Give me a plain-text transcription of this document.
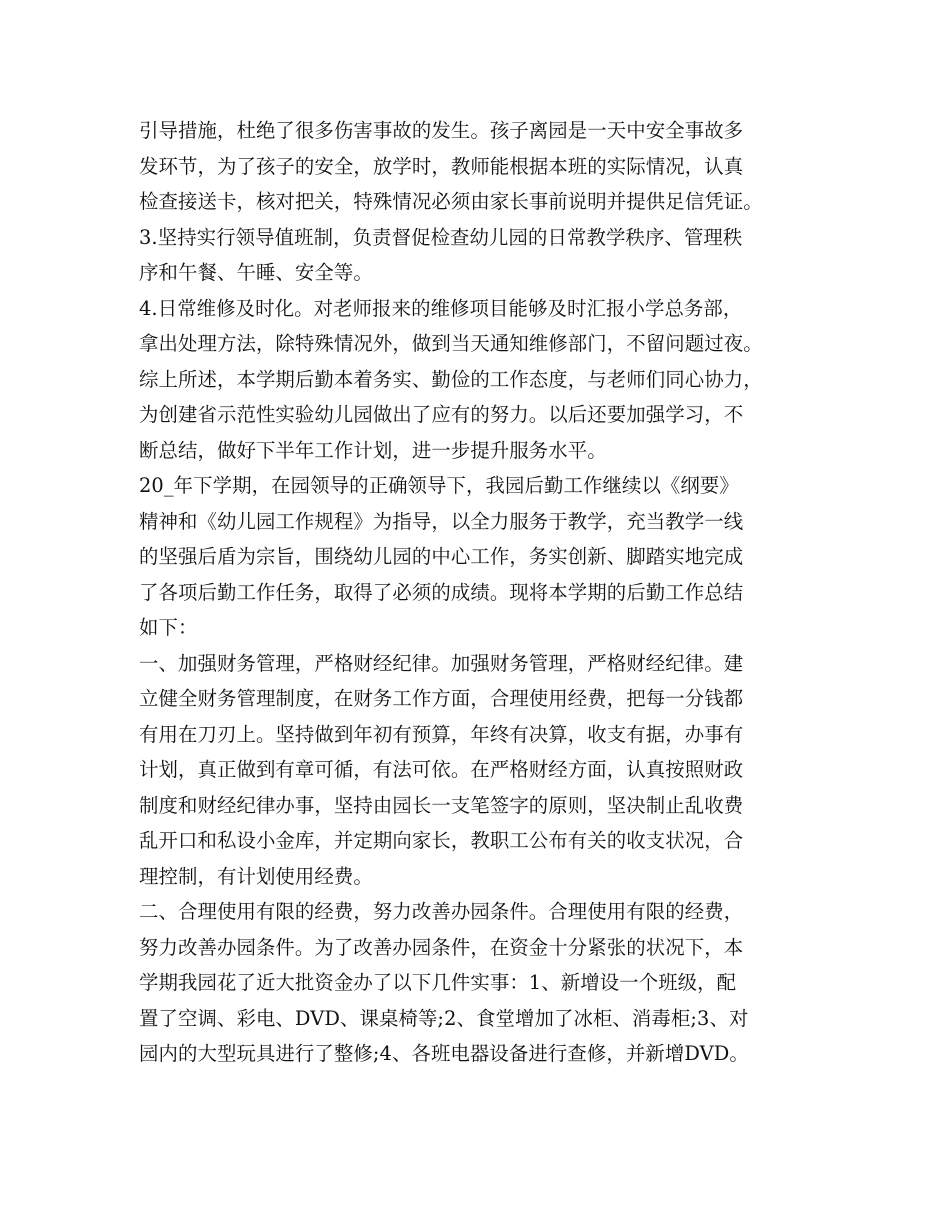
引导措施，杜绝了很多伤害事故的发生。孩子离园是一天中安全事故多
发环节，为了孩子的安全，放学时，教师能根据本班的实际情况，认真
检查接送卡，核对把关，特殊情况必须由家长事前说明并提供足信凭证。
3.坚持实行领导值班制，负责督促检查幼儿园的日常教学秩序、管理秩
序和午餐、午睡、安全等。
4.日常维修及时化。对老师报来的维修项目能够及时汇报小学总务部，
拿出处理方法，除特殊情况外，做到当天通知维修部门，不留问题过夜。
综上所述，本学期后勤本着务实、勤俭的工作态度，与老师们同心协力，
为创建省示范性实验幼儿园做出了应有的努力。以后还要加强学习，不
断总结，做好下半年工作计划，进一步提升服务水平。
20_年下学期，在园领导的正确领导下，我园后勤工作继续以《纲要》
精神和《幼儿园工作规程》为指导，以全力服务于教学，充当教学一线
的坚强后盾为宗旨，围绕幼儿园的中心工作，务实创新、脚踏实地完成
了各项后勤工作任务，取得了必须的成绩。现将本学期的后勤工作总结
如下：
一、加强财务管理，严格财经纪律。加强财务管理，严格财经纪律。建
立健全财务管理制度，在财务工作方面，合理使用经费，把每一分钱都
有用在刀刃上。坚持做到年初有预算，年终有决算，收支有据，办事有
计划，真正做到有章可循，有法可依。在严格财经方面，认真按照财政
制度和财经纪律办事，坚持由园长一支笔签字的原则，坚决制止乱收费
乱开口和私设小金库，并定期向家长，教职工公布有关的收支状况，合
理控制，有计划使用经费。
二、合理使用有限的经费，努力改善办园条件。合理使用有限的经费，
努力改善办园条件。为了改善办园条件，在资金十分紧张的状况下，本
学期我园花了近大批资金办了以下几件实事：1、新增设一个班级，配
置了空调、彩电、DVD、课桌椅等;2、食堂增加了冰柜、消毒柜;3、对
园内的大型玩具进行了整修;4、各班电器设备进行查修，并新增DVD。
